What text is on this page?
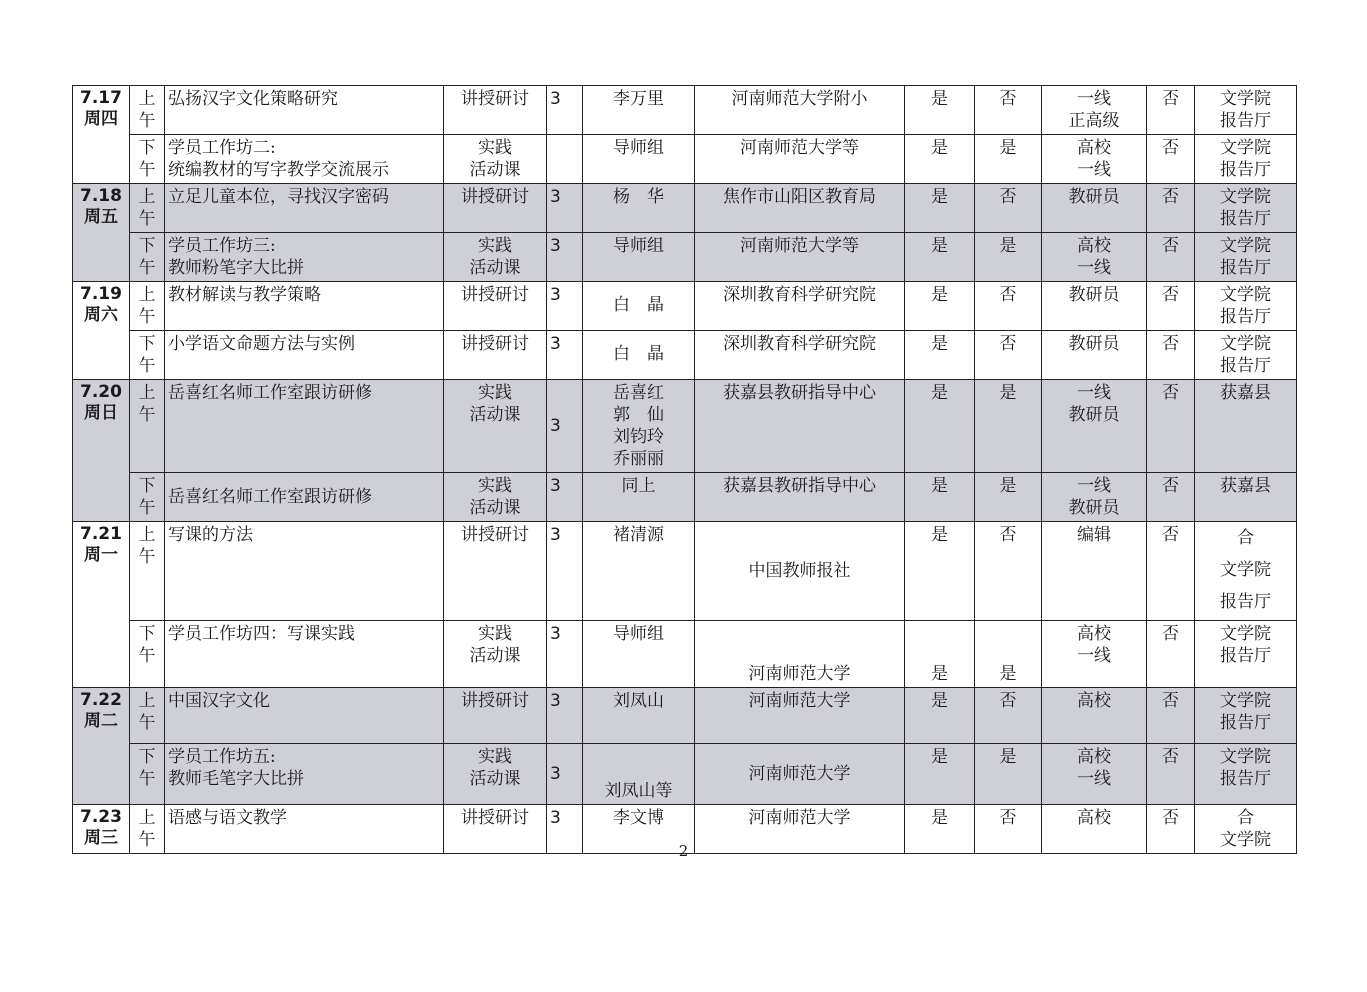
7.17
周四	上
午	弘扬汉字文化策略研究	讲授研讨	3	李万里	河南师范大学附小	是	否	一线
正高级	否	文学院
报告厅

	下
午	学员工作坊二:
统编教材的写字教学交流展示	实践
活动课		导师组	河南师范大学等	是	是	高校
一线	否	文学院
报告厅

7.18
周五	上
午	立足儿童本位，寻找汉字密码	讲授研讨	3	杨　华	焦作市山阳区教育局	是	否	教研员	否	文学院
报告厅

	下
午	学员工作坊三:
教师粉笔字大比拼	实践
活动课	3	导师组	河南师范大学等	是	是	高校
一线	否	文学院
报告厅

7.19
周六	上
午	教材解读与教学策略	讲授研讨	3	白　晶	深圳教育科学研究院	是	否	教研员	否	文学院
报告厅

	下
午	小学语文命题方法与实例	讲授研讨	3	白　晶	深圳教育科学研究院	是	否	教研员	否	文学院
报告厅

7.20
周日	上
午	岳喜红名师工作室跟访研修	实践
活动课	3	岳喜红
郭　仙
刘钧玲
乔丽丽	获嘉县教研指导中心	是	是	一线
教研员	否	获嘉县

	下
午	岳喜红名师工作室跟访研修	实践
活动课	3	同上	获嘉县教研指导中心	是	是	一线
教研员	否	获嘉县

7.21
周一	上
午	写课的方法	讲授研讨	3	褚清源	中国教师报社	是	否	编辑	否	合
文学院
报告厅

	下
午	学员工作坊四：写课实践	实践
活动课	3	导师组	河南师范大学	是	是	高校
一线	否	文学院
报告厅

7.22
周二	上
午	中国汉字文化	讲授研讨	3	刘凤山	河南师范大学	是	否	高校	否	文学院
报告厅

	下
午	学员工作坊五:
教师毛笔字大比拼	实践
活动课	3	刘凤山等	河南师范大学	是	是	高校
一线	否	文学院
报告厅

7.23
周三	上
午	语感与语文教学	讲授研讨	3	李文博	河南师范大学	是	否	高校	否	合
文学院
2
